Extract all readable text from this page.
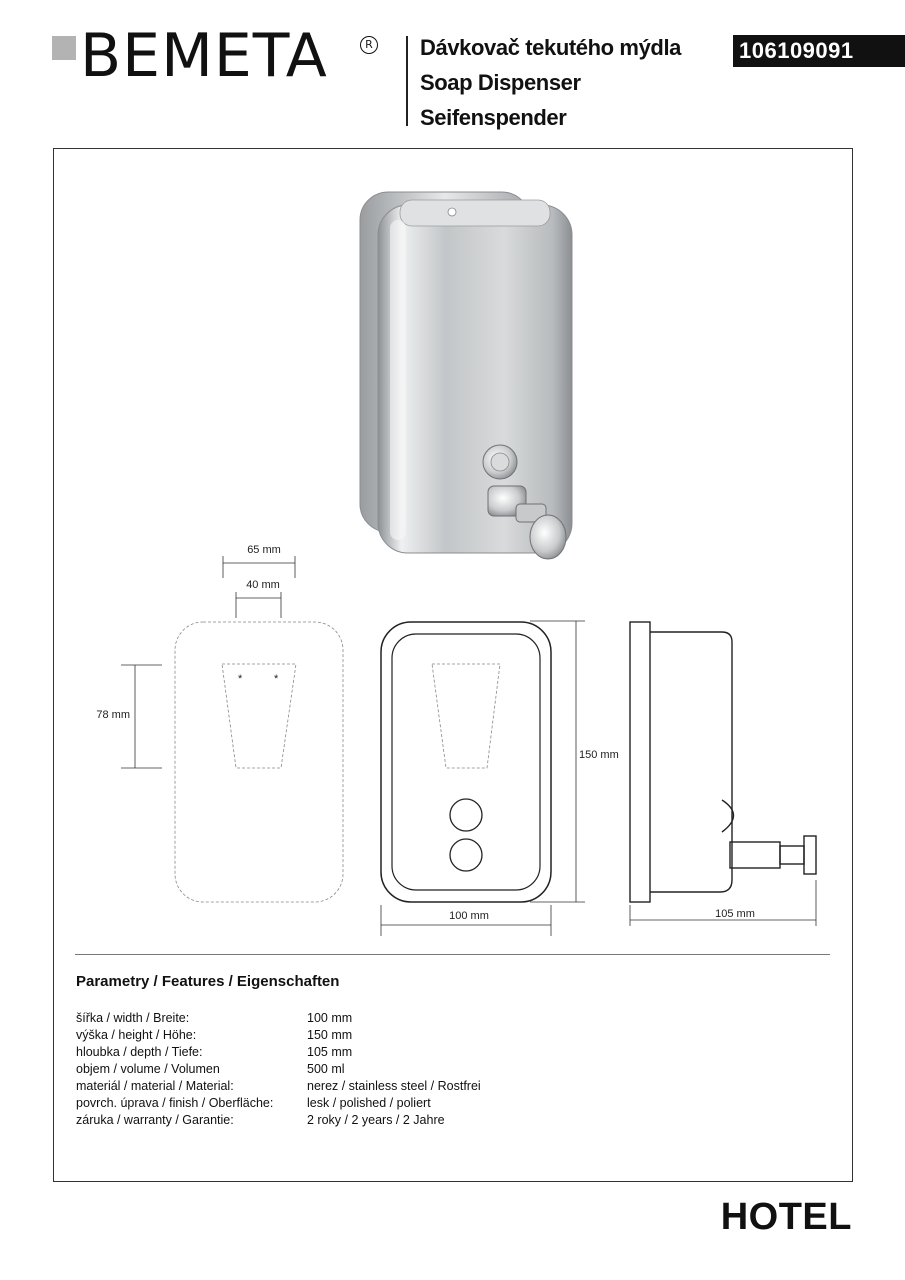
BEMETA	R Dávkovač tekutého mýdla
Soap Dispenser
Seifenspender
106109091
*	*
65 mm
40 mm
78 mm
150 mm
100 mm	105 mm
Parametry / Features / Eigenschaften
šířka / width / Breite:	100 mm
výška / height / Höhe:	150 mm
hloubka / depth / Tiefe:	105 mm
objem / volume / Volumen	500 ml
materiál / material / Material:	nerez / stainless steel / Rostfrei
povrch. úprava / finish / Oberfläche:	lesk / polished / poliert
záruka / warranty / Garantie:	2 roky / 2 years / 2 Jahre
HOTEL
